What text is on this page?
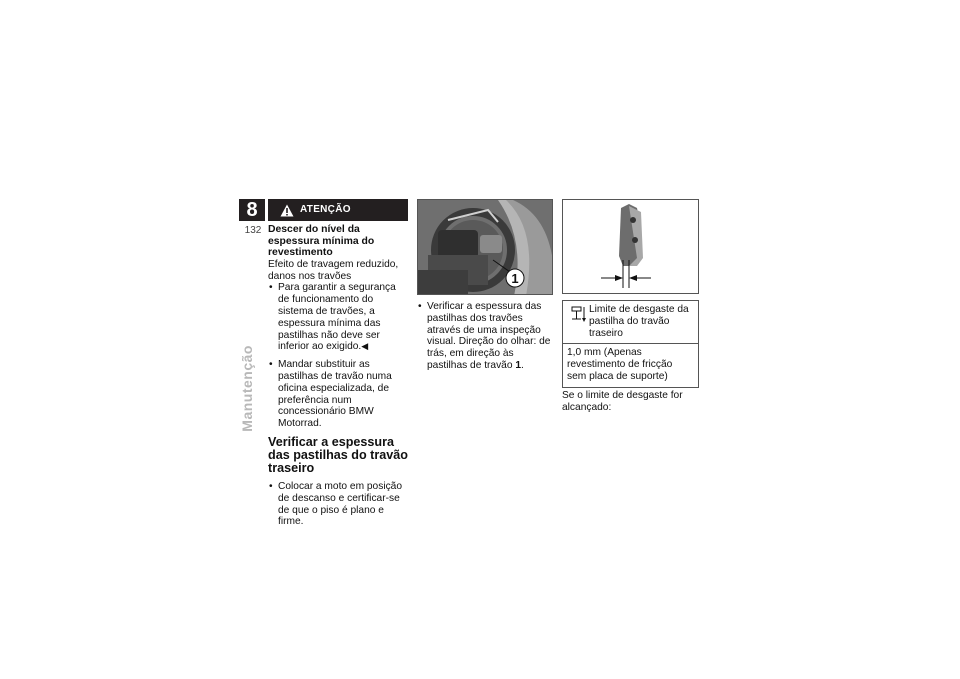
8
132
Manutenção
ATENÇÃO
Descer do nível da espessura mínima do revestimento

Efeito de travagem reduzido, danos nos travões

• Para garantir a segurança de funcionamento do sistema de travões, a espessura mínima das pastilhas não deve ser inferior ao exigido.◀
• Mandar substituir as pastilhas de travão numa oficina especializada, de preferência num concessionário BMW Motorrad.
Verificar a espessura das pastilhas do travão traseiro
• Colocar a moto em posição de descanso e certificar-se de que o piso é plano e firme.
1
• Verificar a espessura das pastilhas dos travões através de uma inspeção visual. Direção do olhar: de trás, em direção às pastilhas de travão 1.
Limite de desgaste da pastilha do travão traseiro
1,0 mm (Apenas revestimento de fricção sem placa de suporte)

Se o limite de desgaste for alcançado:
